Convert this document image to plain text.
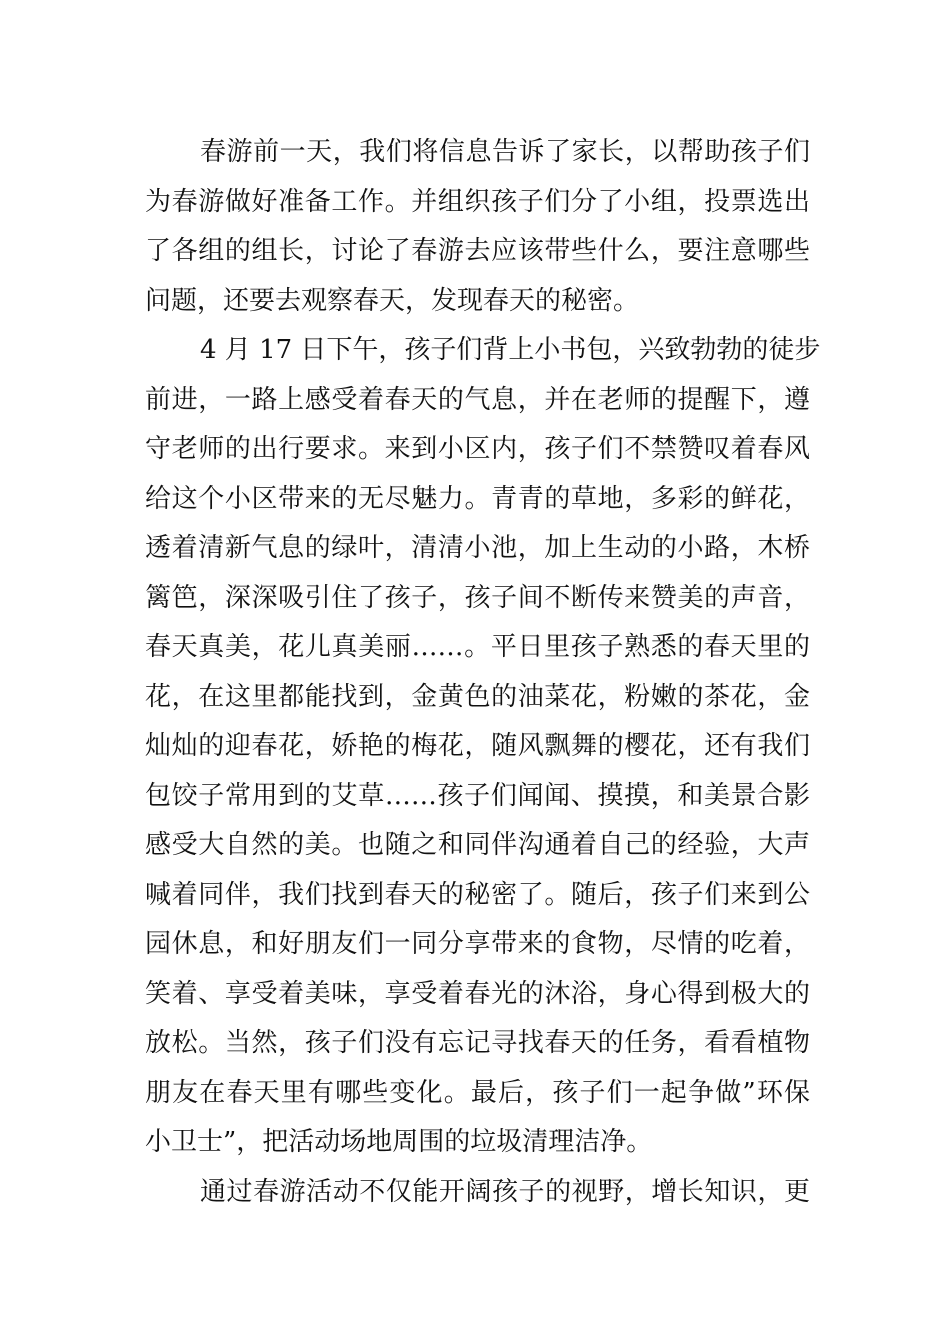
春游前一天，我们将信息告诉了家长，以帮助孩子们
为春游做好准备工作。并组织孩子们分了小组，投票选出
了各组的组长，讨论了春游去应该带些什么，要注意哪些
问题，还要去观察春天，发现春天的秘密。

4 月 17 日下午，孩子们背上小书包，兴致勃勃的徒步
前进，一路上感受着春天的气息，并在老师的提醒下，遵
守老师的出行要求。来到小区内，孩子们不禁赞叹着春风
给这个小区带来的无尽魅力。青青的草地，多彩的鲜花，
透着清新气息的绿叶，清清小池，加上生动的小路，木桥
篱笆，深深吸引住了孩子，孩子间不断传来赞美的声音，
春天真美，花儿真美丽……。平日里孩子熟悉的春天里的
花，在这里都能找到，金黄色的油菜花，粉嫩的茶花，金
灿灿的迎春花，娇艳的梅花，随风飘舞的樱花，还有我们
包饺子常用到的艾草……孩子们闻闻、摸摸，和美景合影
感受大自然的美。也随之和同伴沟通着自己的经验，大声
喊着同伴，我们找到春天的秘密了。随后，孩子们来到公
园休息，和好朋友们一同分享带来的食物，尽情的吃着，
笑着、享受着美味，享受着春光的沐浴，身心得到极大的
放松。当然，孩子们没有忘记寻找春天的任务，看看植物
朋友在春天里有哪些变化。最后，孩子们一起争做”环保
小卫士”，把活动场地周围的垃圾清理洁净。

通过春游活动不仅能开阔孩子的视野，增长知识，更
